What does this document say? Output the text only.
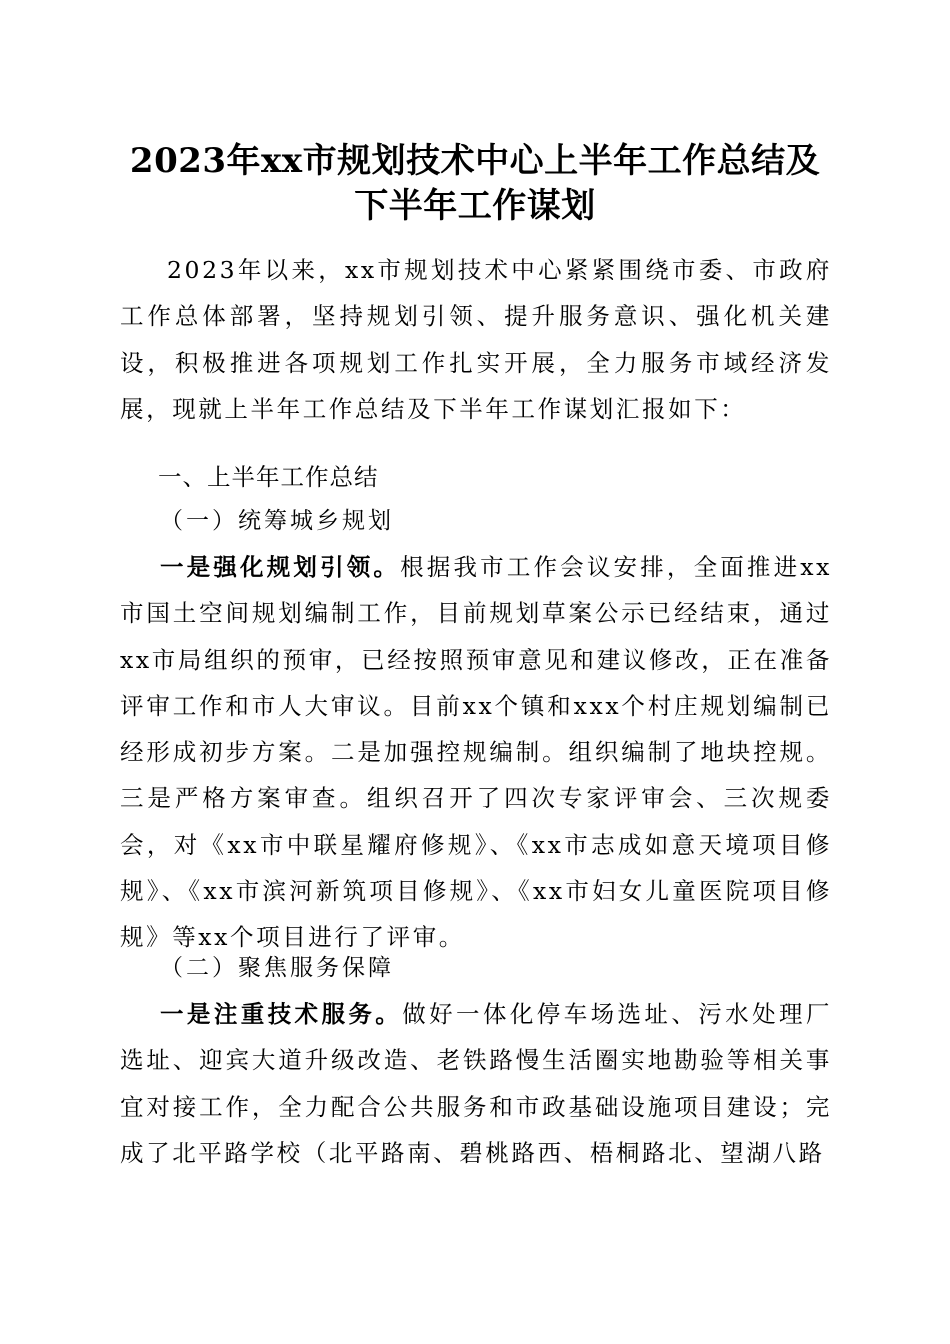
2023年xx市规划技术中心上半年工作总结及
下半年工作谋划

2023年以来，xx市规划技术中心紧紧围绕市委、市政府工作总体部署，坚持规划引领、提升服务意识、强化机关建设，积极推进各项规划工作扎实开展，全力服务市域经济发展，现就上半年工作总结及下半年工作谋划汇报如下：

一、上半年工作总结
（一）统筹城乡规划

一是强化规划引领。根据我市工作会议安排，全面推进xx市国土空间规划编制工作，目前规划草案公示已经结束，通过xx市局组织的预审，已经按照预审意见和建议修改，正在准备评审工作和市人大审议。目前xx个镇和xxx个村庄规划编制已经形成初步方案。二是加强控规编制。组织编制了地块控规。三是严格方案审查。组织召开了四次专家评审会、三次规委会，对《xx市中联星耀府修规》、《xx市志成如意天境项目修规》、《xx市滨河新筑项目修规》、《xx市妇女儿童医院项目修规》等xx个项目进行了评审。

（二）聚焦服务保障

一是注重技术服务。做好一体化停车场选址、污水处理厂选址、迎宾大道升级改造、老铁路慢生活圈实地勘验等相关事宜对接工作，全力配合公共服务和市政基础设施项目建设；完成了北平路学校（北平路南、碧桃路西、梧桐路北、望湖八路
